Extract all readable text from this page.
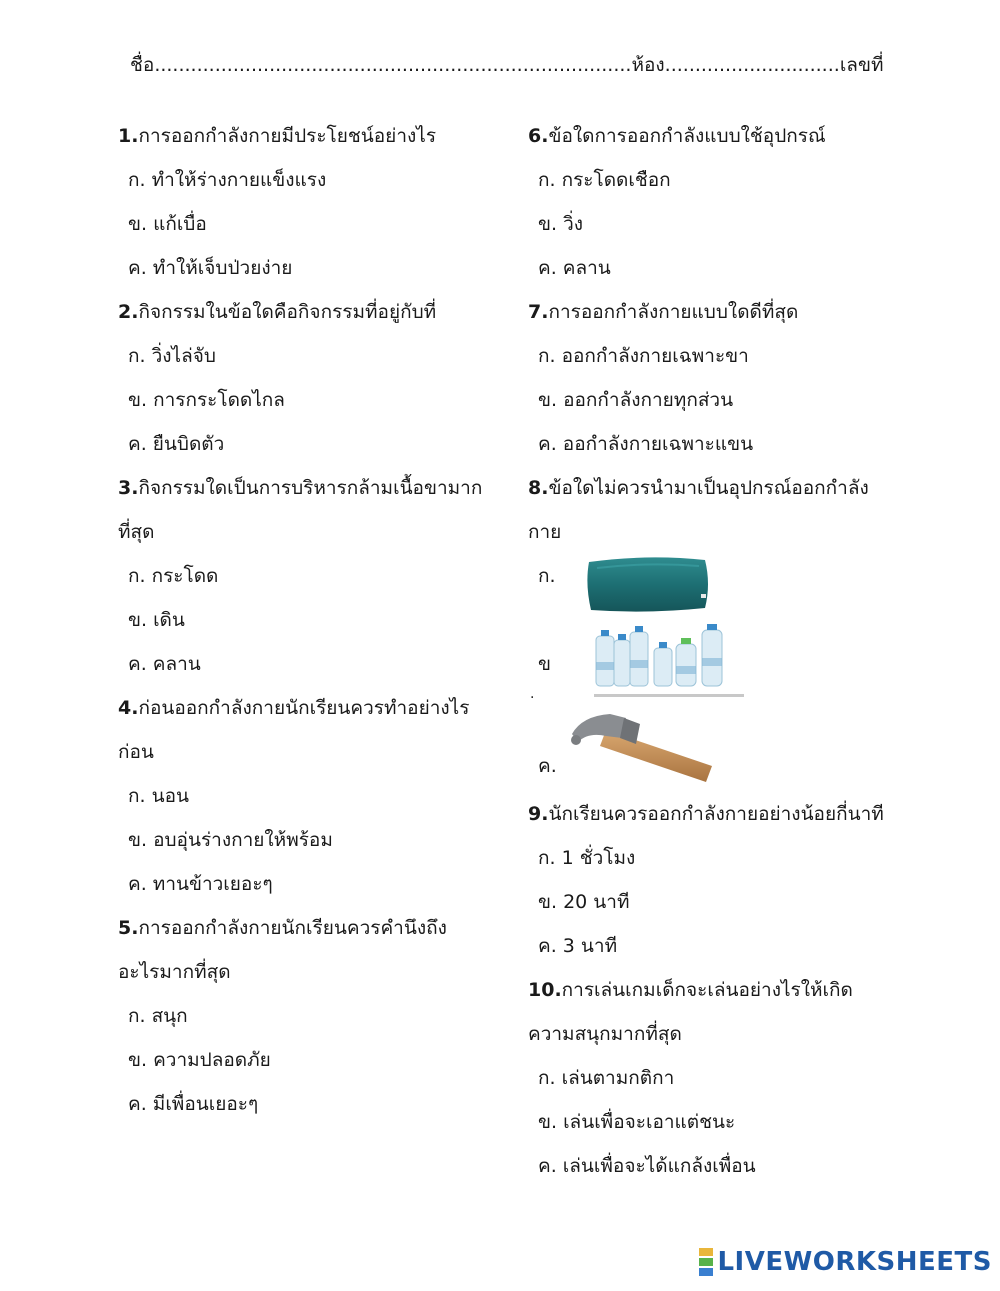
ชื่อ...............................................................................ห้อง.............................เลขที่
1.การออกกำลังกายมีประโยชน์อย่างไร
ก. ทำให้ร่างกายแข็งแรง
ข. แก้เบื่อ
ค. ทำให้เจ็บป่วยง่าย
2.กิจกรรมในข้อใดคือกิจกรรมที่อยู่กับที่
ก. วิ่งไล่จับ
ข. การกระโดดไกล
ค. ยืนบิดตัว
3.กิจกรรมใดเป็นการบริหารกล้ามเนื้อขามาก
ที่สุด
ก. กระโดด
ข. เดิน
ค. คลาน
4.ก่อนออกกำลังกายนักเรียนควรทำอย่างไร
ก่อน
ก. นอน
ข. อบอุ่นร่างกายให้พร้อม
ค. ทานข้าวเยอะๆ
5.การออกกำลังกายนักเรียนควรคำนึงถึง
อะไรมากที่สุด
ก. สนุก
ข. ความปลอดภัย
ค. มีเพื่อนเยอะๆ
6.ข้อใดการออกกำลังแบบใช้อุปกรณ์
ก. กระโดดเชือก
ข. วิ่ง
ค. คลาน
7.การออกกำลังกายแบบใดดีที่สุด
ก. ออกกำลังกายเฉพาะขา
ข. ออกกำลังกายทุกส่วน
ค. ออกำลังกายเฉพาะแขน
8.ข้อใดไม่ควรนำมาเป็นอุปกรณ์ออกกำลัง
กาย
ก.
ข
.
ค.
9.นักเรียนควรออกกำลังกายอย่างน้อยกี่นาที
ก. 1 ชั่วโมง
ข. 20 นาที
ค. 3 นาที
10.การเล่นเกมเด็กจะเล่นอย่างไรให้เกิด
ความสนุกมากที่สุด
ก. เล่นตามกติกา
ข. เล่นเพื่อจะเอาแต่ชนะ
ค. เล่นเพื่อจะได้แกล้งเพื่อน
LIVEWORKSHEETS
